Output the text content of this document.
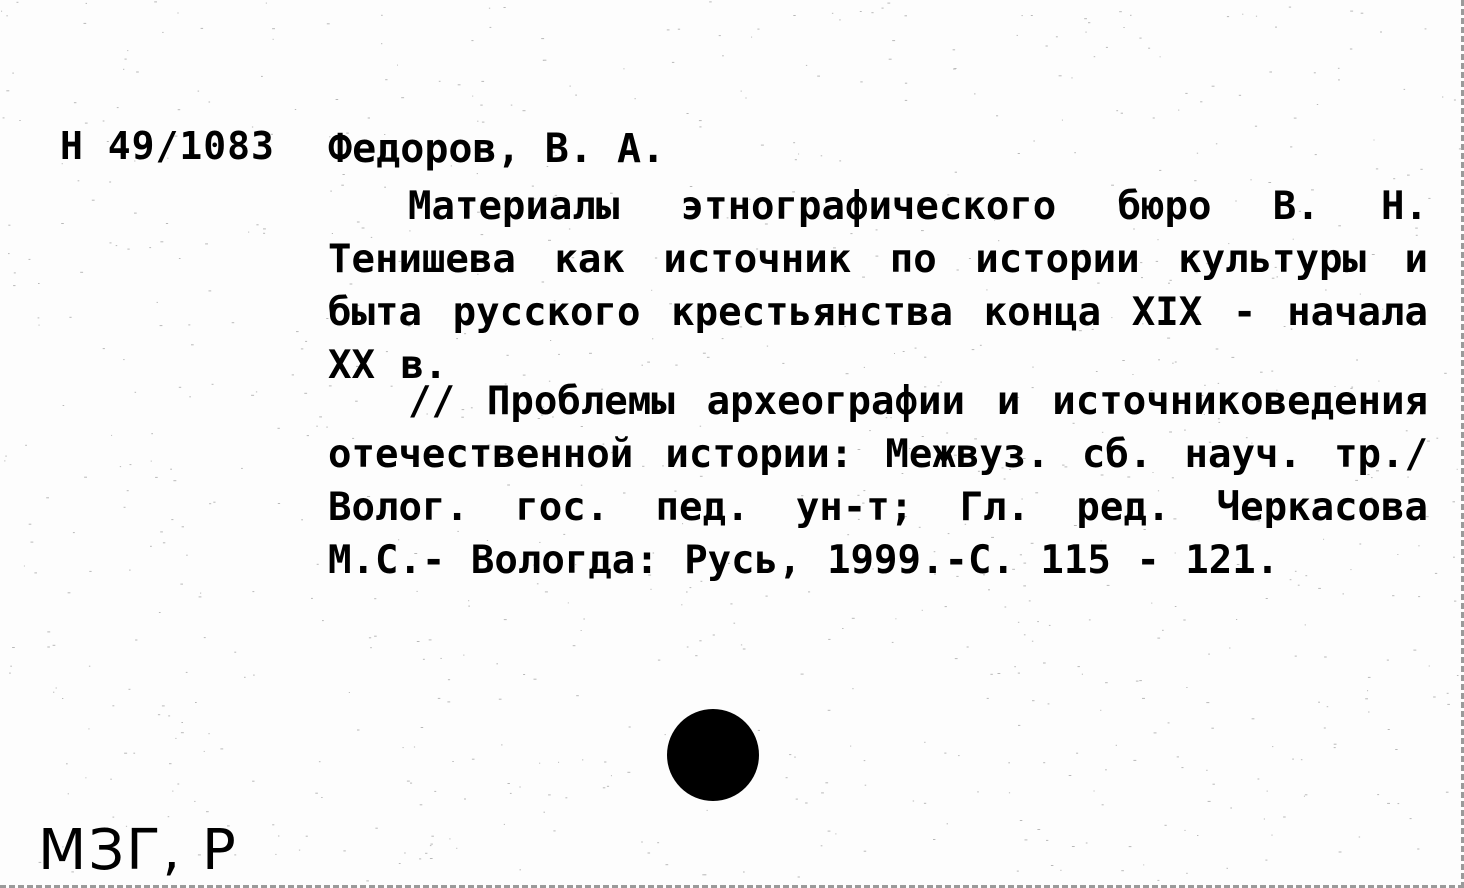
Н 49/1083 Федоров, В. А.

Материалы этнографического бюро В. Н. Тенишева как источник по истории культуры и быта русского крестьянства конца XIX - начала XX в.

// Проблемы археографии и источниковедения отечественной истории: Межвуз. сб. науч. тр./ Волог. гос. пед. ун-т; Гл. ред. Черкасова М.С.- Вологда: Русь, 1999.-С. 115 - 121.

МЗГ, Р
